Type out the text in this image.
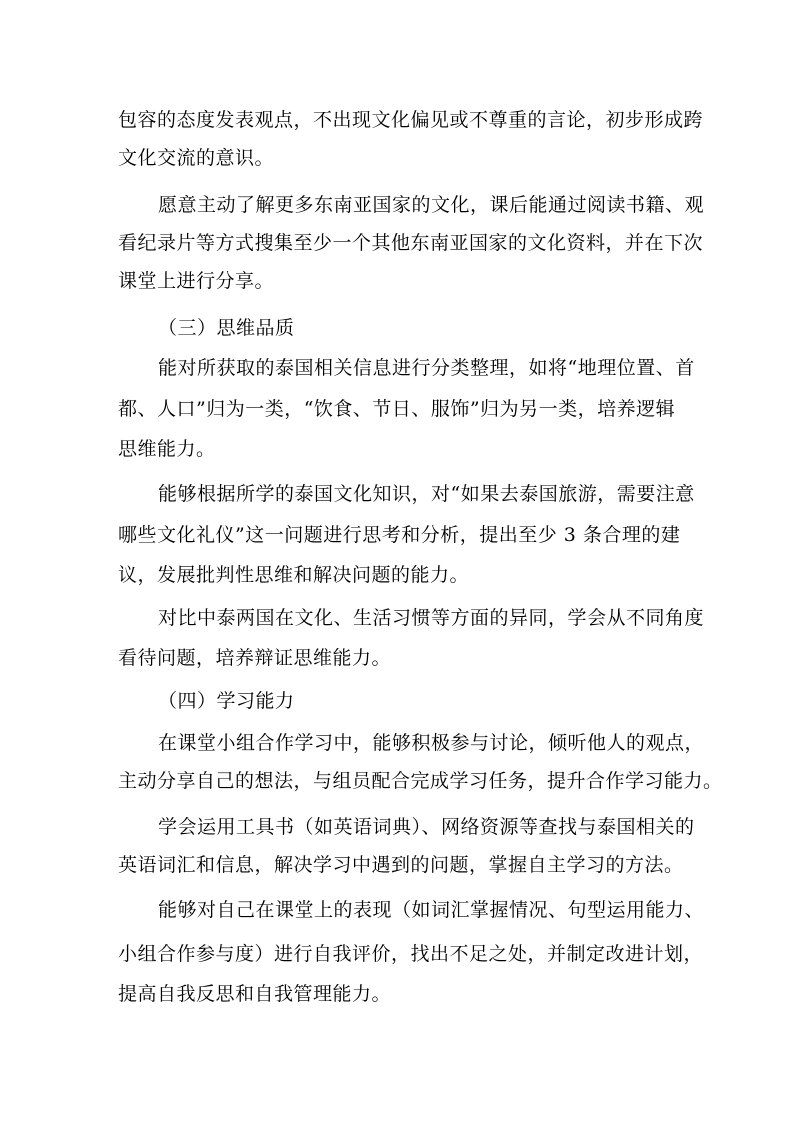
包容的态度发表观点，不出现文化偏见或不尊重的言论，初步形成跨
文化交流的意识。
愿意主动了解更多东南亚国家的文化，课后能通过阅读书籍、观
看纪录片等方式搜集至少一个其他东南亚国家的文化资料，并在下次
课堂上进行分享。
（三）思维品质
能对所获取的泰国相关信息进行分类整理，如将“地理位置、首
都、人口”归为一类，“饮食、节日、服饰”归为另一类，培养逻辑
思维能力。
能够根据所学的泰国文化知识，对“如果去泰国旅游，需要注意
哪些文化礼仪”这一问题进行思考和分析，提出至少 3 条合理的建
议，发展批判性思维和解决问题的能力。
对比中泰两国在文化、生活习惯等方面的异同，学会从不同角度
看待问题，培养辩证思维能力。
（四）学习能力
在课堂小组合作学习中，能够积极参与讨论，倾听他人的观点，
主动分享自己的想法，与组员配合完成学习任务，提升合作学习能力。
学会运用工具书（如英语词典）、网络资源等查找与泰国相关的
英语词汇和信息，解决学习中遇到的问题，掌握自主学习的方法。
能够对自己在课堂上的表现（如词汇掌握情况、句型运用能力、
小组合作参与度）进行自我评价，找出不足之处，并制定改进计划，
提高自我反思和自我管理能力。
